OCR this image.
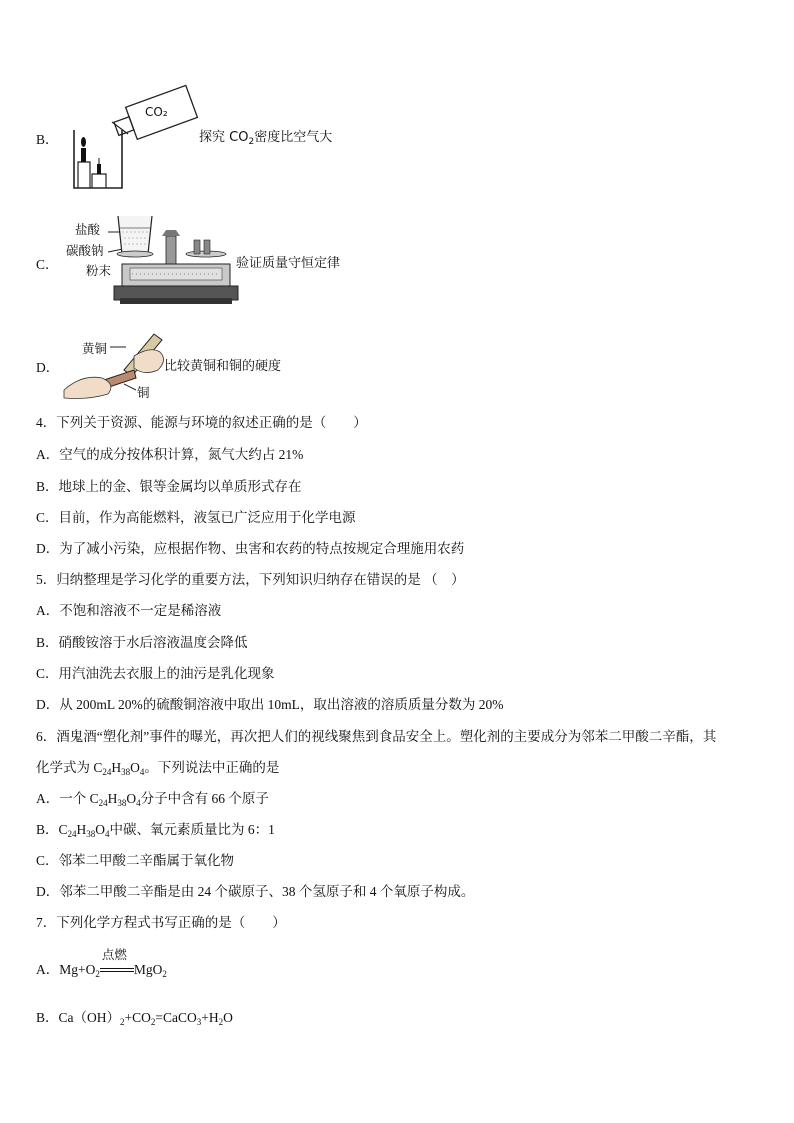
B．
CO₂
探究 $CO_2$密度比空气大
C．
盐酸
碳酸钠
粉末	验证质量守恒定律
D．
黄铜
铜
比较黄铜和铜的硬度
4．下列关于资源、能源与环境的叙述正确的是（　　）
A．空气的成分按体积计算，氮气大约占 21%
B．地球上的金、银等金属均以单质形式存在
C．目前，作为高能燃料，液氢已广泛应用于化学电源
D．为了减小污染，应根据作物、虫害和农药的特点按规定合理施用农药
5．归纳整理是学习化学的重要方法，下列知识归纳存在错误的是 （　）
A．不饱和溶液不一定是稀溶液
B．硝酸铵溶于水后溶液温度会降低
C．用汽油洗去衣服上的油污是乳化现象
D．从 200mL 20%的硫酸铜溶液中取出 10mL，取出溶液的溶质质量分数为 20%
6．酒鬼酒“塑化剂”事件的曝光，再次把人们的视线聚焦到食品安全上。塑化剂的主要成分为邻苯二甲酸二辛酯，其
化学式为 $C_{24}H_{38}O_4$。下列说法中正确的是
A．一个 $C_{24}H_{38}O_4$分子中含有 66 个原子
B．$C_{24}H_{38}O_4$中碳、氧元素质量比为 6：1
C．邻苯二甲酸二辛酯属于氧化物
D．邻苯二甲酸二辛酯是由 24 个碳原子、38 个氢原子和 4 个氧原子构成。
7．下列化学方程式书写正确的是（　　）
A．$Mg+O_2$
点燃
MgO$_2$
B．$Ca(OH)_2+CO_2=CaCO_3+H_2O$
